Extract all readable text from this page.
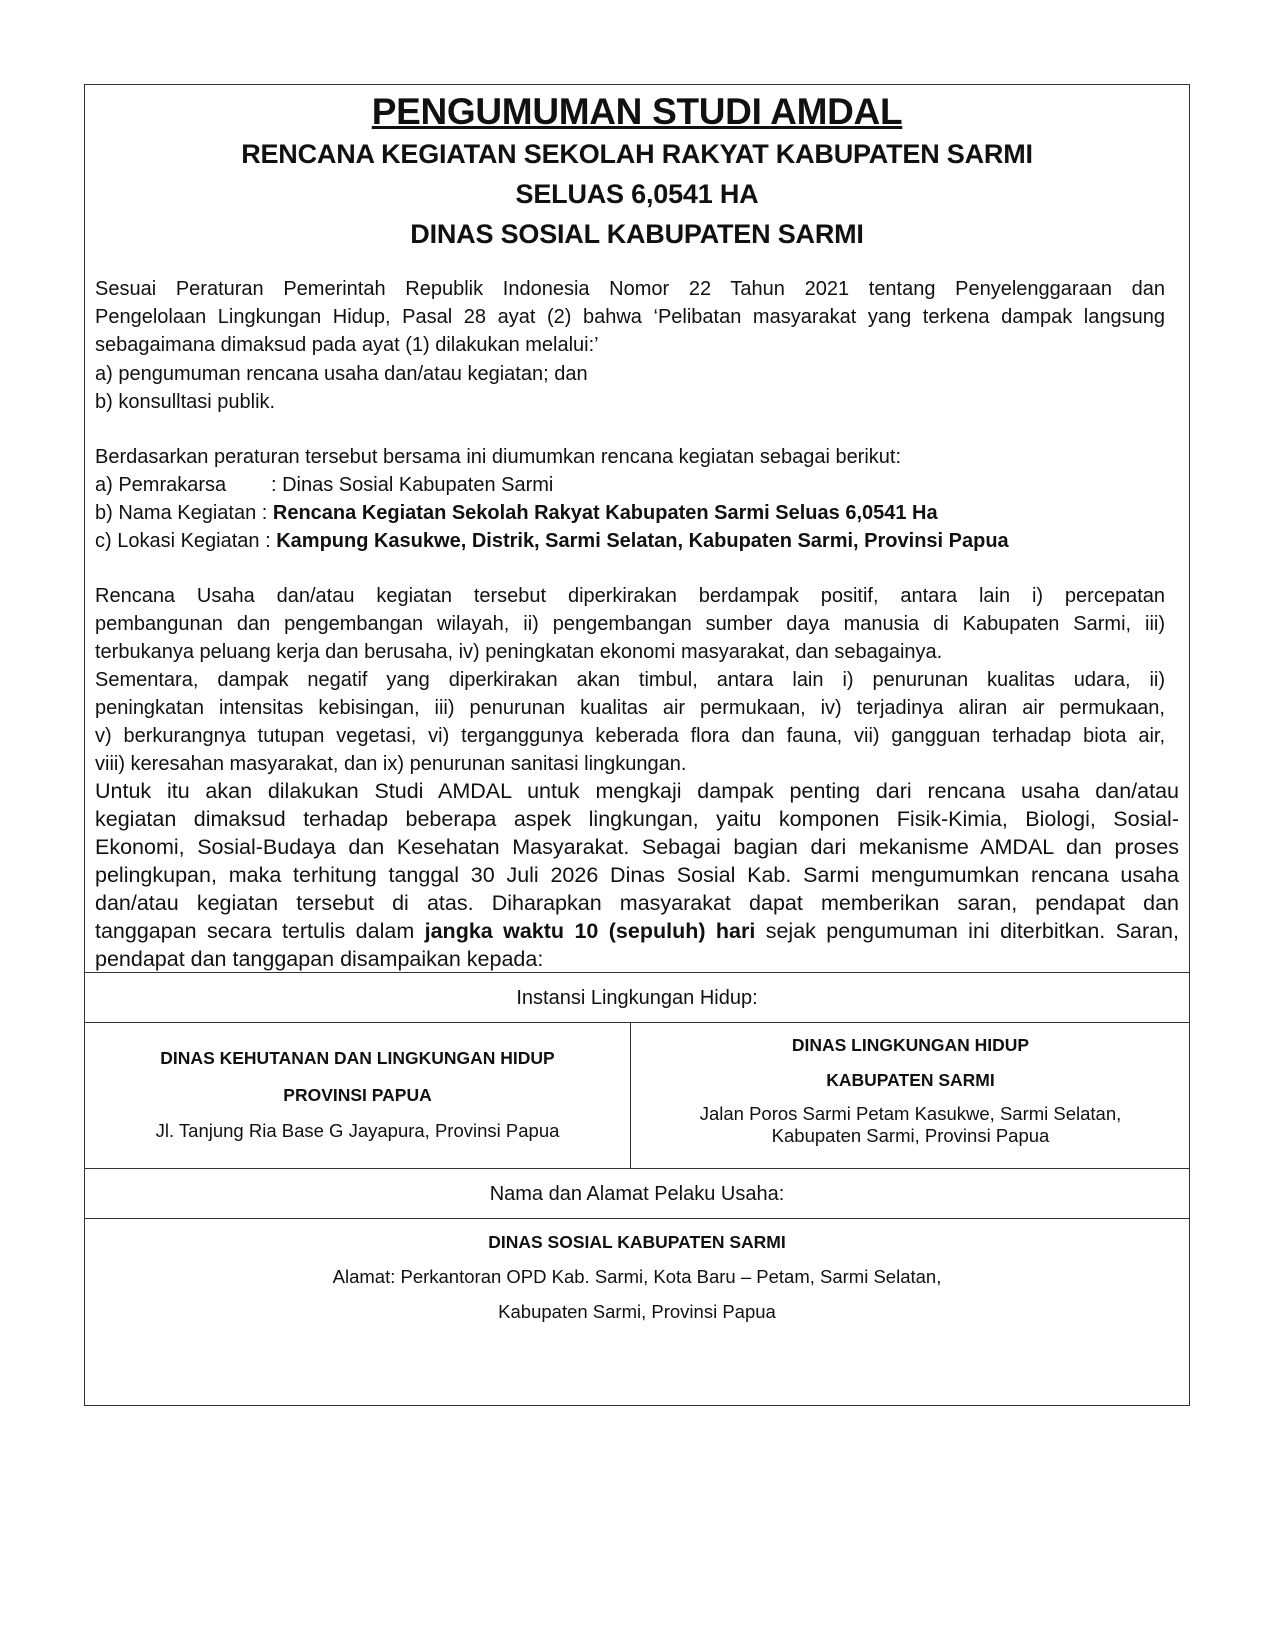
PENGUMUMAN STUDI AMDAL
RENCANA KEGIATAN SEKOLAH RAKYAT KABUPATEN SARMI
SELUAS 6,0541 HA
DINAS SOSIAL KABUPATEN SARMI
Sesuai Peraturan Pemerintah Republik Indonesia Nomor 22 Tahun 2021 tentang Penyelenggaraan dan
Pengelolaan Lingkungan Hidup, Pasal 28 ayat (2) bahwa ‘Pelibatan masyarakat yang terkena dampak langsung
sebagaimana dimaksud pada ayat (1) dilakukan melalui:’
a) pengumuman rencana usaha dan/atau kegiatan; dan
b) konsulltasi publik.
Berdasarkan peraturan tersebut bersama ini diumumkan rencana kegiatan sebagai berikut:
a) Pemrakarsa : Dinas Sosial Kabupaten Sarmi
b) Nama Kegiatan : Rencana Kegiatan Sekolah Rakyat Kabupaten Sarmi Seluas 6,0541 Ha
c) Lokasi Kegiatan : Kampung Kasukwe, Distrik, Sarmi Selatan, Kabupaten Sarmi, Provinsi Papua
Rencana Usaha dan/atau kegiatan tersebut diperkirakan berdampak positif, antara lain i) percepatan
pembangunan dan pengembangan wilayah, ii) pengembangan sumber daya manusia di Kabupaten Sarmi, iii)
terbukanya peluang kerja dan berusaha, iv) peningkatan ekonomi masyarakat, dan sebagainya.
Sementara, dampak negatif yang diperkirakan akan timbul, antara lain i) penurunan kualitas udara, ii)
peningkatan intensitas kebisingan, iii) penurunan kualitas air permukaan, iv) terjadinya aliran air permukaan,
v) berkurangnya tutupan vegetasi, vi) terganggunya keberada flora dan fauna, vii) gangguan terhadap biota air,
viii) keresahan masyarakat, dan ix) penurunan sanitasi lingkungan.
Untuk itu akan dilakukan Studi AMDAL untuk mengkaji dampak penting dari rencana usaha dan/atau
kegiatan dimaksud terhadap beberapa aspek lingkungan, yaitu komponen Fisik-Kimia, Biologi, Sosial-
Ekonomi, Sosial-Budaya dan Kesehatan Masyarakat. Sebagai bagian dari mekanisme AMDAL dan proses
pelingkupan, maka terhitung tanggal 30 Juli 2026 Dinas Sosial Kab. Sarmi mengumumkan rencana usaha
dan/atau kegiatan tersebut di atas. Diharapkan masyarakat dapat memberikan saran, pendapat dan
tanggapan secara tertulis dalam jangka waktu 10 (sepuluh) hari sejak pengumuman ini diterbitkan. Saran,
pendapat dan tanggapan disampaikan kepada:
Instansi Lingkungan Hidup:
DINAS KEHUTANAN DAN LINGKUNGAN HIDUP
PROVINSI PAPUA
Jl. Tanjung Ria Base G Jayapura, Provinsi Papua
DINAS LINGKUNGAN HIDUP
KABUPATEN SARMI
Jalan Poros Sarmi Petam Kasukwe, Sarmi Selatan,
Kabupaten Sarmi, Provinsi Papua
Nama dan Alamat Pelaku Usaha:
DINAS SOSIAL KABUPATEN SARMI
Alamat: Perkantoran OPD Kab. Sarmi, Kota Baru – Petam, Sarmi Selatan,
Kabupaten Sarmi, Provinsi Papua
